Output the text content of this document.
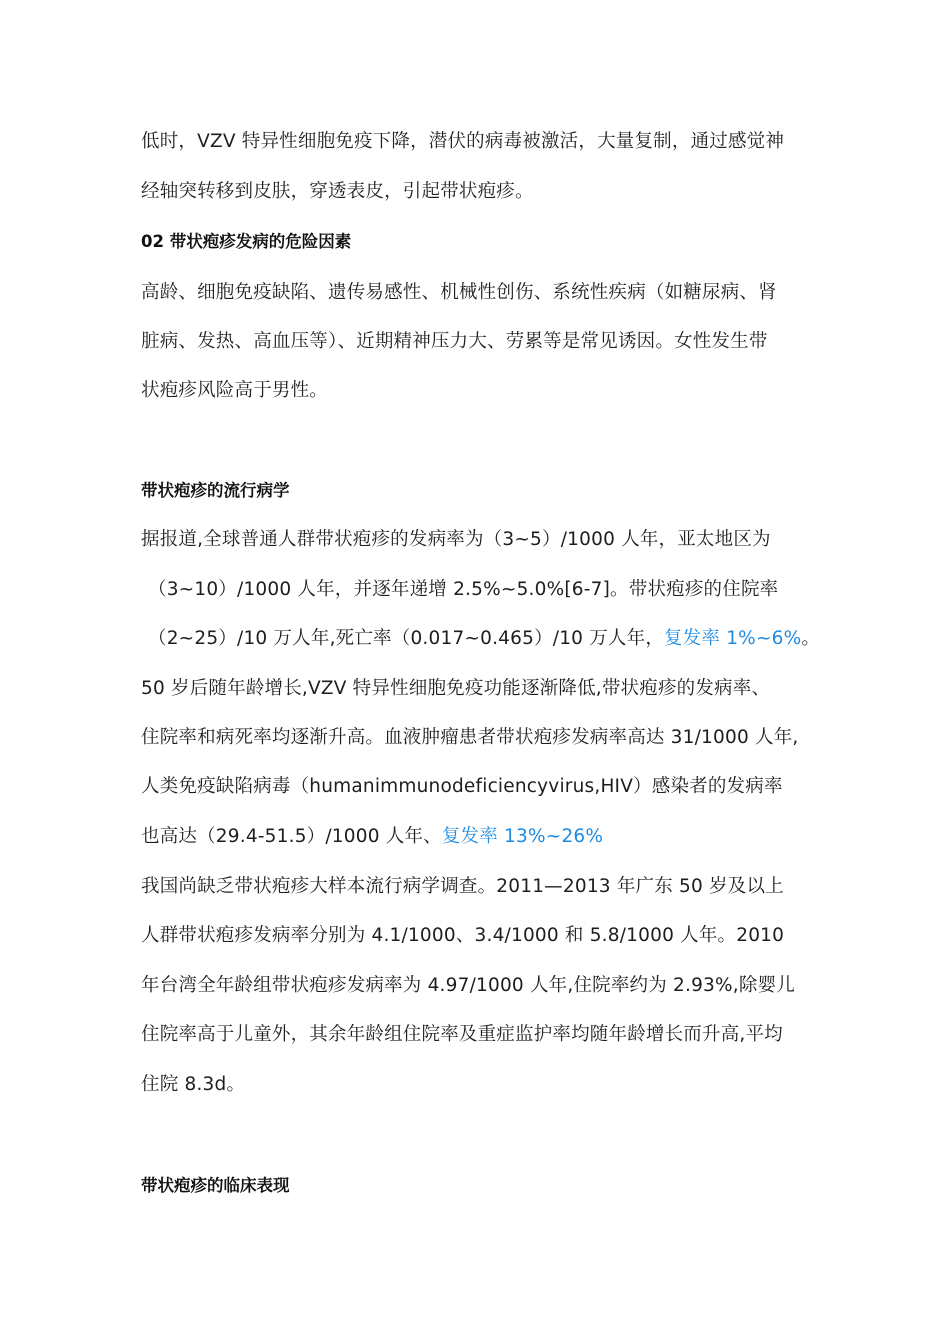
低时，VZV 特异性细胞免疫下降，潜伏的病毒被激活，大量复制，通过感觉神
经轴突转移到皮肤，穿透表皮，引起带状疱疹。
02 带状疱疹发病的危险因素
高龄、细胞免疫缺陷、遗传易感性、机械性创伤、系统性疾病（如糖尿病、肾
脏病、发热、高血压等）、近期精神压力大、劳累等是常见诱因。女性发生带
状疱疹风险高于男性。
带状疱疹的流行病学
据报道,全球普通人群带状疱疹的发病率为（3~5）/1000 人年，亚太地区为
（3~10）/1000 人年，并逐年递增 2.5%~5.0%[6-7]。带状疱疹的住院率
（2~25）/10 万人年,死亡率（0.017~0.465）/10 万人年，复发率 1%~6%。
50 岁后随年龄增长,VZV 特异性细胞免疫功能逐渐降低,带状疱疹的发病率、
住院率和病死率均逐渐升高。血液肿瘤患者带状疱疹发病率高达 31/1000 人年,
人类免疫缺陷病毒（humanimmunodeficiencyvirus,HIV）感染者的发病率
也高达（29.4-51.5）/1000 人年、复发率 13%~26%
我国尚缺乏带状疱疹大样本流行病学调查。2011—2013 年广东 50 岁及以上
人群带状疱疹发病率分别为 4.1/1000、3.4/1000 和 5.8/1000 人年。2010
年台湾全年龄组带状疱疹发病率为 4.97/1000 人年,住院率约为 2.93%,除婴儿
住院率高于儿童外，其余年龄组住院率及重症监护率均随年龄增长而升高,平均
住院 8.3d。
带状疱疹的临床表现
